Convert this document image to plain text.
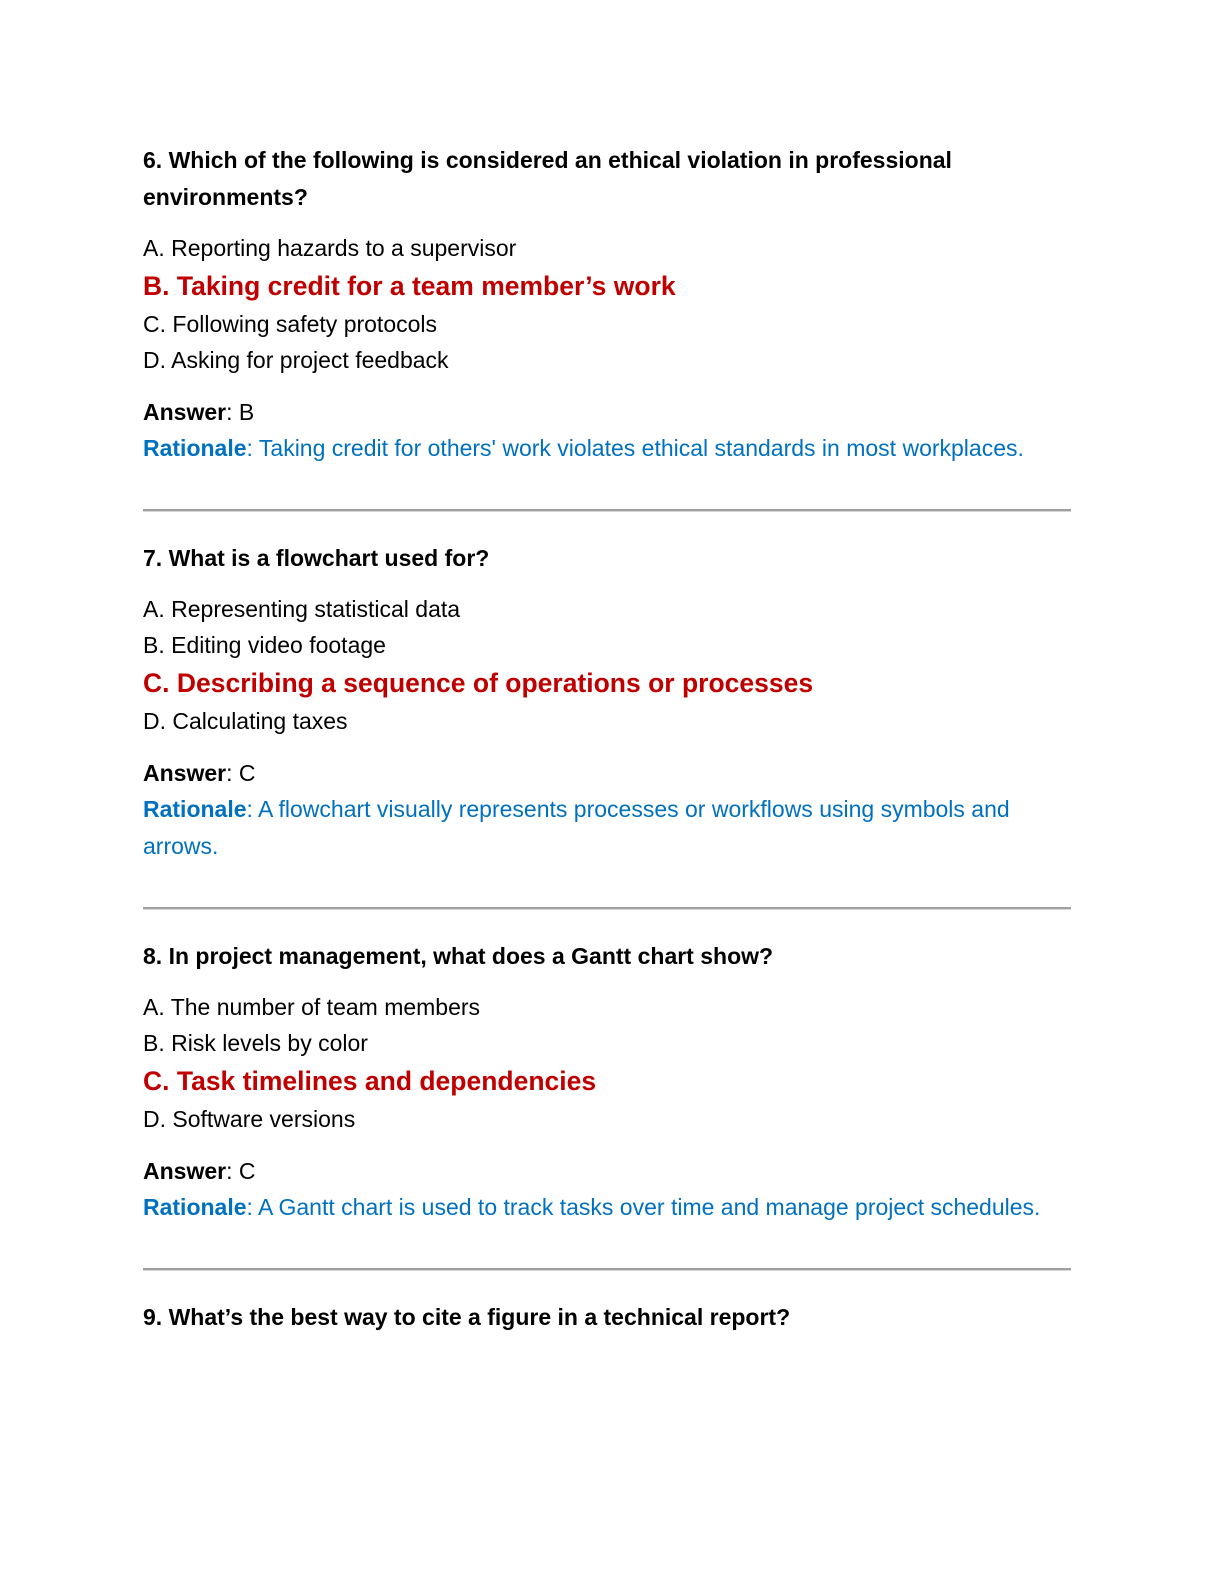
6. Which of the following is considered an ethical violation in professional environments?

A. Reporting hazards to a supervisor
B. Taking credit for a team member’s work
C. Following safety protocols
D. Asking for project feedback
Answer: B
Rationale: Taking credit for others' work violates ethical standards in most workplaces.

7. What is a flowchart used for?

A. Representing statistical data
B. Editing video footage
C. Describing a sequence of operations or processes
D. Calculating taxes
Answer: C
Rationale: A flowchart visually represents processes or workflows using symbols and arrows.

8. In project management, what does a Gantt chart show?

A. The number of team members
B. Risk levels by color
C. Task timelines and dependencies
D. Software versions
Answer: C
Rationale: A Gantt chart is used to track tasks over time and manage project schedules.

9. What’s the best way to cite a figure in a technical report?
